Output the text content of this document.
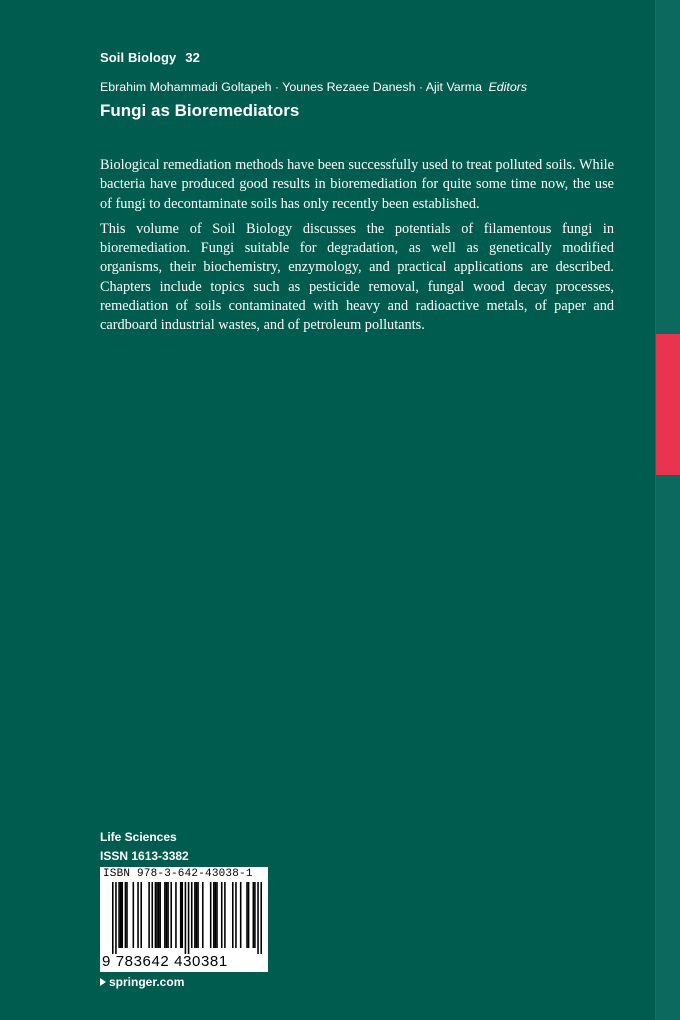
Soil Biology 32
Ebrahim Mohammadi Goltapeh · Younes Rezaee Danesh · Ajit Varma Editors
Fungi as Bioremediators

Biological remediation methods have been successfully used to treat polluted soils. While bacteria have produced good results in bioremediation for quite some time now, the use of fungi to decontaminate soils has only recently been established.

This volume of Soil Biology discusses the potentials of filamentous fungi in bioremediation. Fungi suitable for degradation, as well as genetically modified organisms, their biochemistry, enzymology, and practical applications are described. Chapters include topics such as pesticide removal, fungal wood decay processes, remediation of soils contaminated with heavy and radioactive metals, of paper and cardboard industrial wastes, and of petroleum pollutants.

Life Sciences
ISSN 1613-3382
ISBN 978-3-642-43038-1
9 783642 430381
springer.com
